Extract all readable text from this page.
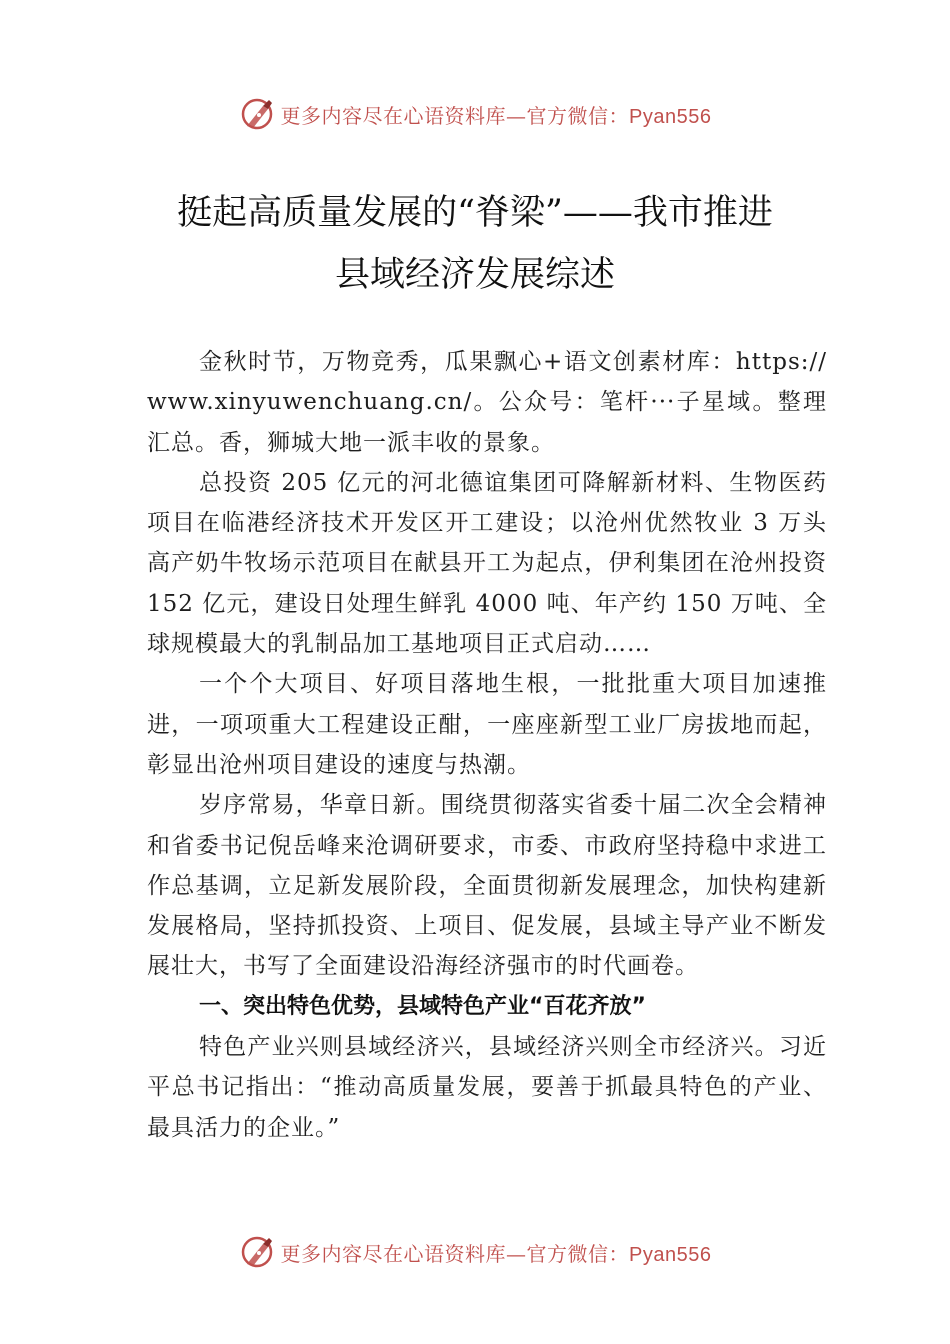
更多内容尽在心语资料库—官方微信：Pyan556
挺起高质量发展的“脊梁”——我市推进
县域经济发展综述

金秋时节，万物竞秀，瓜果飘心+语文创素材库：https://www.xinyuwenchuang.cn/。公众号：笔杆···子星域。整理汇总。香，狮城大地一派丰收的景象。

总投资 205 亿元的河北德谊集团可降解新材料、生物医药项目在临港经济技术开发区开工建设；以沧州优然牧业 3 万头高产奶牛牧场示范项目在献县开工为起点，伊利集团在沧州投资 152 亿元，建设日处理生鲜乳 4000 吨、年产约 150 万吨、全球规模最大的乳制品加工基地项目正式启动……

一个个大项目、好项目落地生根，一批批重大项目加速推进，一项项重大工程建设正酣，一座座新型工业厂房拔地而起，彰显出沧州项目建设的速度与热潮。

岁序常易，华章日新。围绕贯彻落实省委十届二次全会精神和省委书记倪岳峰来沧调研要求，市委、市政府坚持稳中求进工作总基调，立足新发展阶段，全面贯彻新发展理念，加快构建新发展格局，坚持抓投资、上项目、促发展，县域主导产业不断发展壮大，书写了全面建设沿海经济强市的时代画卷。

一、突出特色优势，县域特色产业“百花齐放”

特色产业兴则县域经济兴，县域经济兴则全市经济兴。习近平总书记指出：“推动高质量发展，要善于抓最具特色的产业、最具活力的企业。”

更多内容尽在心语资料库—官方微信：Pyan556
